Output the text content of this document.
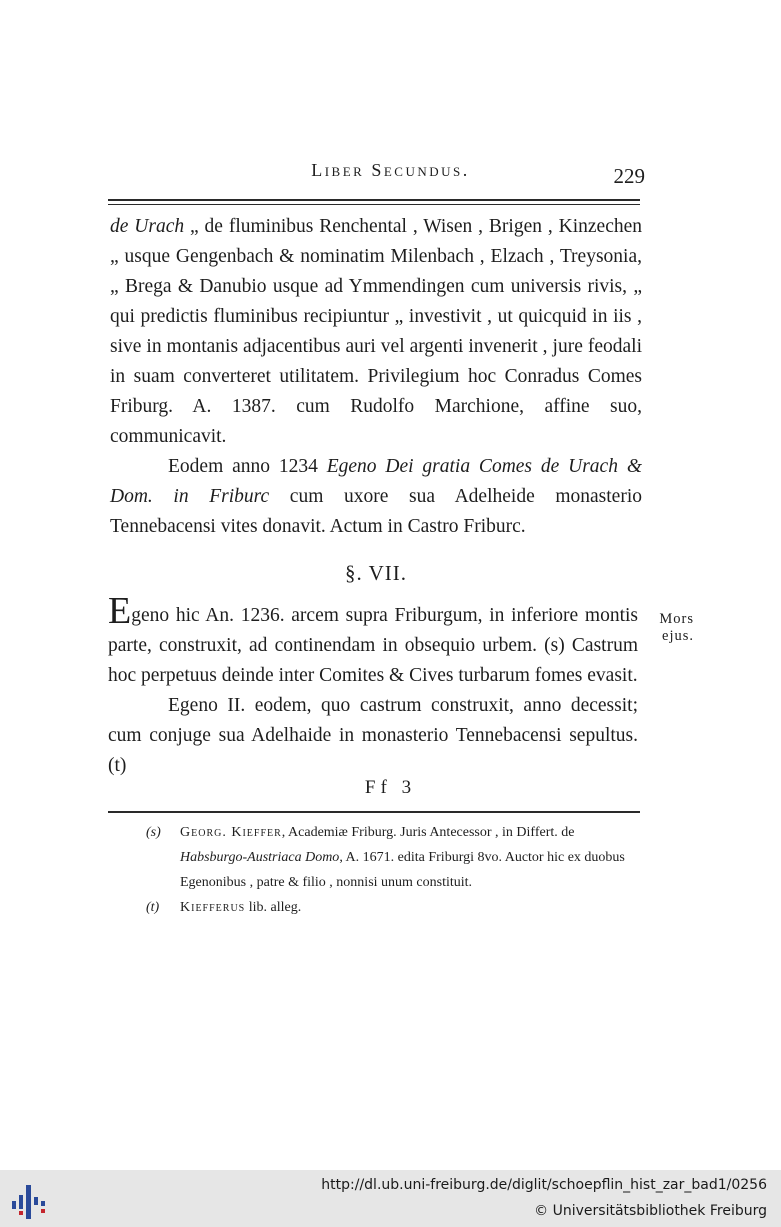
Liber Secundus.	229

de Urach „ de fluminibus Renchental , Wisen , Brigen , Kinzechen „ usque Gengenbach & nominatim Milenbach , Elzach , Treysonia, „ Brega & Danubio usque ad Ymmendingen cum universis rivis, „ qui predictis fluminibus recipiuntur „ investivit , ut quicquid in iis , sive in montanis adjacentibus auri vel argenti invenerit , jure feodali in suam converteret utilitatem. Privilegium hoc Conradus Comes Friburg. A. 1387. cum Rudolfo Marchione, affine suo, communicavit.

Eodem anno 1234 Egeno Dei gratia Comes de Urach & Dom. in Friburc cum uxore sua Adelheide monasterio Tennebacensi vites donavit. Actum in Castro Friburc.

§. VII.

Egeno hic An. 1236. arcem supra Friburgum, in inferiore montis parte, construxit, ad continendam in obsequio urbem. (s) Castrum hoc perpetuus deinde inter Comites & Cives turbarum fomes evasit.

Egeno II. eodem, quo castrum construxit, anno decessit; cum conjuge sua Adelhaide in monasterio Tennebacensi sepultus. (t)

Mors
ejus.
Ff 3
(s) Georg. Kieffer, Academiæ Friburg. Juris Antecessor , in Differt. de Habsburgo-Austriaca Domo, A. 1671. edita Friburgi 8vo. Auctor hic ex duobus Egenonibus , patre & filio , nonnisi unum constituit.
(t) Kiefferus lib. alleg.
http://dl.ub.uni-freiburg.de/diglit/schoepflin_hist_zar_bad1/0256
© Universitätsbibliothek Freiburg
